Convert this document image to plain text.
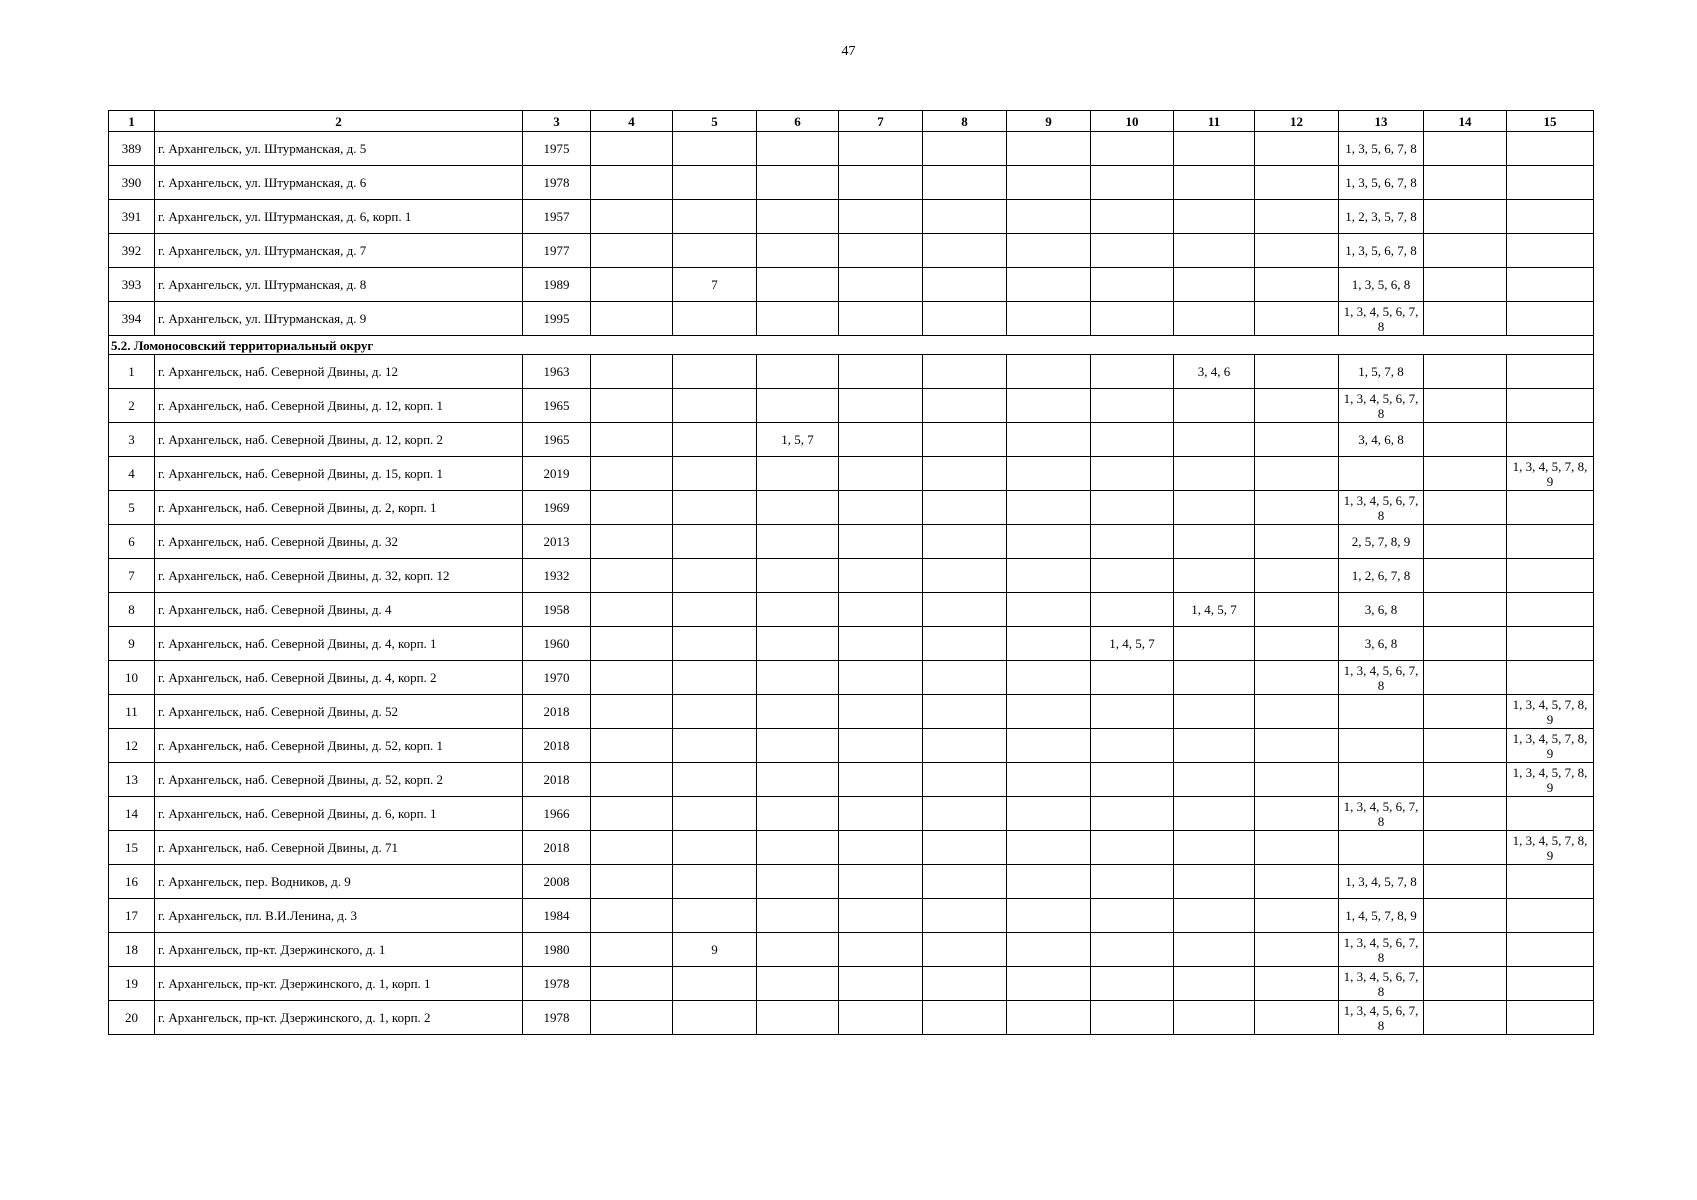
47
1	2	3	4	5	6	7	8	9	10	11	12	13	14	15

389	г. Архангельск, ул. Штурманская, д. 5	1975										1, 3, 5, 6, 7, 8		

390	г. Архангельск, ул. Штурманская, д. 6	1978										1, 3, 5, 6, 7, 8		

391	г. Архангельск, ул. Штурманская, д. 6, корп. 1	1957										1, 2, 3, 5, 7, 8		

392	г. Архангельск, ул. Штурманская, д. 7	1977										1, 3, 5, 6, 7, 8		

393	г. Архангельск, ул. Штурманская, д. 8	1989		7								1, 3, 5, 6, 8		

394	г. Архангельск, ул. Штурманская, д. 9	1995										1, 3, 4, 5, 6, 7, 8		

5.2. Ломоносовский территориальный округ														

1	г. Архангельск, наб. Северной Двины, д. 12	1963								3, 4, 6		1, 5, 7, 8		

2	г. Архангельск, наб. Северной Двины, д. 12, корп. 1	1965										1, 3, 4, 5, 6, 7, 8		

3	г. Архангельск, наб. Северной Двины, д. 12, корп. 2	1965			1, 5, 7							3, 4, 6, 8		

4	г. Архангельск, наб. Северной Двины, д. 15, корп. 1	2019												1, 3, 4, 5, 7, 8, 9

5	г. Архангельск, наб. Северной Двины, д. 2, корп. 1	1969										1, 3, 4, 5, 6, 7, 8		

6	г. Архангельск, наб. Северной Двины, д. 32	2013										2, 5, 7, 8, 9		

7	г. Архангельск, наб. Северной Двины, д. 32, корп. 12	1932										1, 2, 6, 7, 8		

8	г. Архангельск, наб. Северной Двины, д. 4	1958								1, 4, 5, 7		3, 6, 8		

9	г. Архангельск, наб. Северной Двины, д. 4, корп. 1	1960							1, 4, 5, 7			3, 6, 8		

10	г. Архангельск, наб. Северной Двины, д. 4, корп. 2	1970										1, 3, 4, 5, 6, 7, 8		

11	г. Архангельск, наб. Северной Двины, д. 52	2018												1, 3, 4, 5, 7, 8, 9

12	г. Архангельск, наб. Северной Двины, д. 52, корп. 1	2018												1, 3, 4, 5, 7, 8, 9

13	г. Архангельск, наб. Северной Двины, д. 52, корп. 2	2018												1, 3, 4, 5, 7, 8, 9

14	г. Архангельск, наб. Северной Двины, д. 6, корп. 1	1966										1, 3, 4, 5, 6, 7, 8		

15	г. Архангельск, наб. Северной Двины, д. 71	2018												1, 3, 4, 5, 7, 8, 9

16	г. Архангельск, пер. Водников, д. 9	2008										1, 3, 4, 5, 7, 8		

17	г. Архангельск, пл. В.И.Ленина, д. 3	1984										1, 4, 5, 7, 8, 9		

18	г. Архангельск, пр-кт. Дзержинского, д. 1	1980		9								1, 3, 4, 5, 6, 7, 8		

19	г. Архангельск, пр-кт. Дзержинского, д. 1, корп. 1	1978										1, 3, 4, 5, 6, 7, 8		

20	г. Архангельск, пр-кт. Дзержинского, д. 1, корп. 2	1978										1, 3, 4, 5, 6, 7, 8		
